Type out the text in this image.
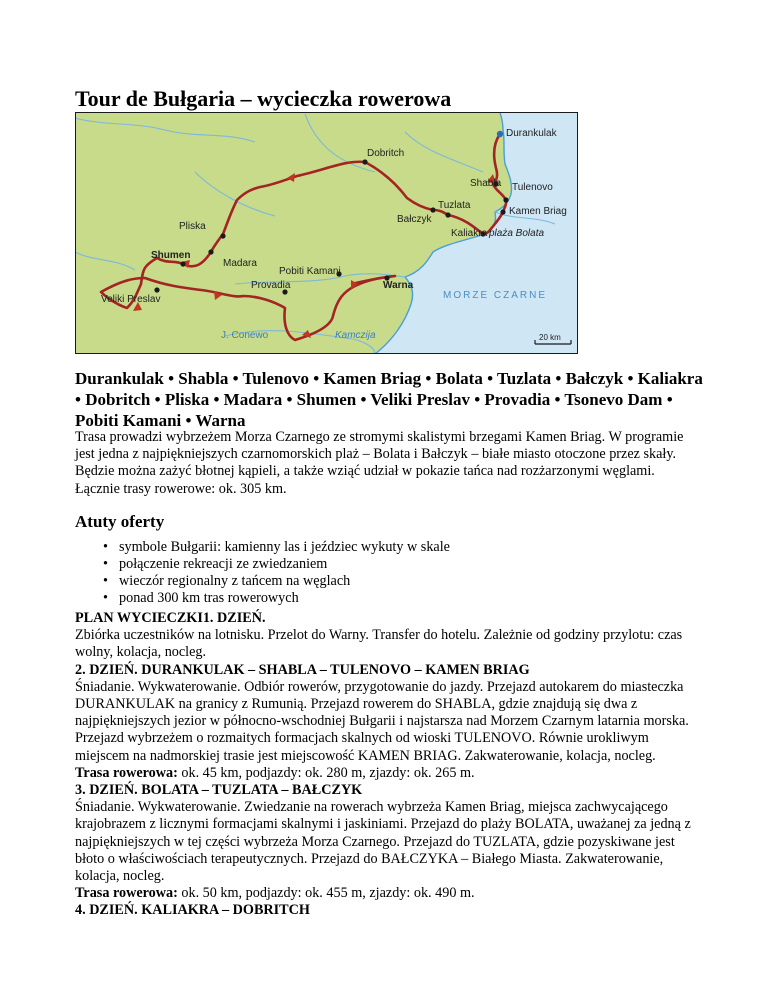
Tour de Bułgaria – wycieczka rowerowa
Durankulak
Dobritch
Shabla Tulenovo
Tuzlata
Bałczyk
Kamen Briag
Kaliakra plaża Bolata
Pliska
Shumen
Madara
Pobiti Kamani
Warna
MORZE CZARNE
Veliki Preslav
Provadia
J. Conewo	Kamczija	20 km

Durankulak • Shabla • Tulenovo • Kamen Briag • Bolata • Tuzlata • Bałczyk • Kaliakra • Dobritch • Pliska • Madara • Shumen • Veliki Preslav • Provadia • Tsonevo Dam • Pobiti Kamani • Warna

Trasa prowadzi wybrzeżem Morza Czarnego ze stromymi skalistymi brzegami Kamen Briag. W programie jest jedna z najpiękniejszych czarnomorskich plaż – Bolata i Bałczyk – białe miasto otoczone przez skały. Będzie można zażyć błotnej kąpieli, a także wziąć udział w pokazie tańca nad rozżarzonymi węglami. Łącznie trasy rowerowe: ok. 305 km.

Atuty oferty
• symbole Bułgarii: kamienny las i jeździec wykuty w skale
• połączenie rekreacji ze zwiedzaniem
• wieczór regionalny z tańcem na węglach
• ponad 300 km tras rowerowych

PLAN WYCIECZKI1. DZIEŃ.

Zbiórka uczestników na lotnisku. Przelot do Warny. Transfer do hotelu. Zależnie od godziny przylotu: czas wolny, kolacja, nocleg.

2. DZIEŃ. DURANKULAK – SHABLA – TULENOVO – KAMEN BRIAG

Śniadanie. Wykwaterowanie. Odbiór rowerów, przygotowanie do jazdy. Przejazd autokarem do miasteczka DURANKULAK na granicy z Rumunią. Przejazd rowerem do SHABLA, gdzie znajdują się dwa z najpiękniejszych jezior w północno-wschodniej Bułgarii i najstarsza nad Morzem Czarnym latarnia morska. Przejazd wybrzeżem o rozmaitych formacjach skalnych od wioski TULENOVO. Równie urokliwym miejscem na nadmorskiej trasie jest miejscowość KAMEN BRIAG. Zakwaterowanie, kolacja, nocleg.

Trasa rowerowa: ok. 45 km, podjazdy: ok. 280 m, zjazdy: ok. 265 m.

3. DZIEŃ. BOLATA – TUZLATA – BAŁCZYK

Śniadanie. Wykwaterowanie. Zwiedzanie na rowerach wybrzeża Kamen Briag, miejsca zachwycającego krajobrazem z licznymi formacjami skalnymi i jaskiniami. Przejazd do plaży BOLATA, uważanej za jedną z najpiękniejszych w tej części wybrzeża Morza Czarnego. Przejazd do TUZLATA, gdzie pozyskiwane jest błoto o właściwościach terapeutycznych. Przejazd do BAŁCZYKA – Białego Miasta. Zakwaterowanie, kolacja, nocleg.

Trasa rowerowa: ok. 50 km, podjazdy: ok. 455 m, zjazdy: ok. 490 m.

4. DZIEŃ. KALIAKRA – DOBRITCH
